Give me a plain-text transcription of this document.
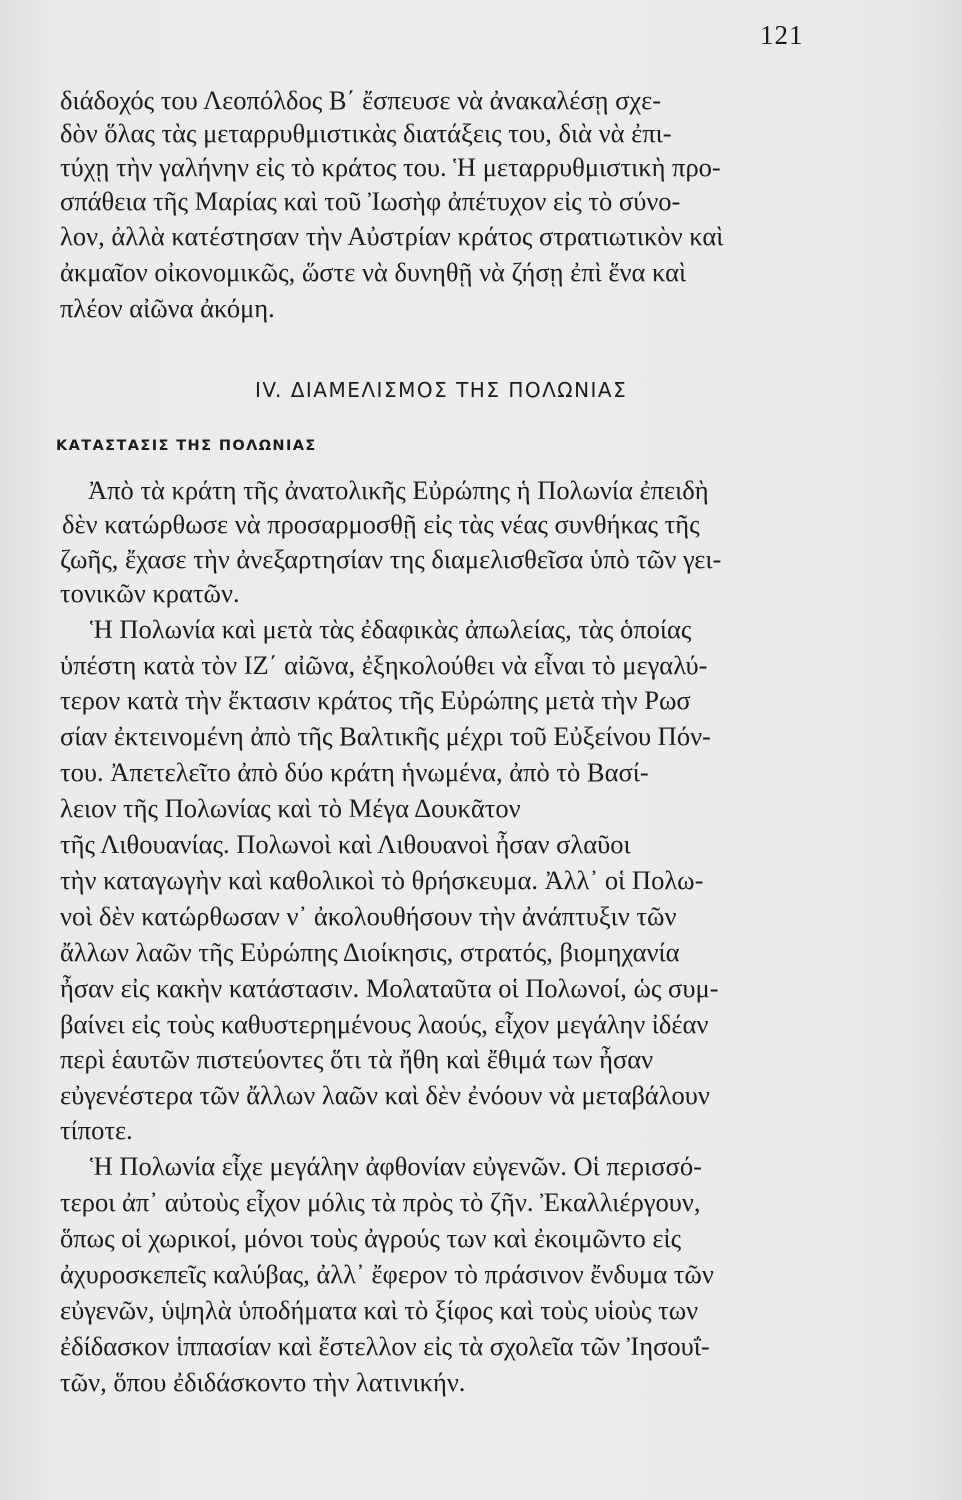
121
διάδοχός του Λεοπόλδος Β΄ ἔσπευσε νὰ ἀνακαλέσῃ σχε-
δὸν ὅλας τὰς μεταρρυθμιστικὰς διατάξεις του, διὰ νὰ ἐπι-
τύχῃ τὴν γαλήνην εἰς τὸ κράτος του. Ἡ μεταρρυθμιστικὴ προ-
σπάθεια τῆς Μαρίας καὶ τοῦ Ἰωσὴφ ἀπέτυχον εἰς τὸ σύνο-
λον, ἀλλὰ κατέστησαν τὴν Αὐστρίαν κράτος στρατιωτικὸν καὶ
ἀκμαῖον οἰκονομικῶς, ὥστε νὰ δυνηθῇ νὰ ζήσῃ ἐπὶ ἕνα καὶ
πλέον αἰῶνα ἀκόμη.
IV. ΔΙΑΜΕΛΙΣΜΟΣ ΤΗΣ ΠΟΛΩΝΙΑΣ
ΚΑΤΑΣΤΑΣΙΣ ΤΗΣ ΠΟΛΩΝΙΑΣ
Ἀπὸ τὰ κράτη τῆς ἀνατολικῆς Εὐρώπης ἡ Πολωνία ἐπειδὴ
δὲν κατώρθωσε νὰ προσαρμοσθῇ εἰς τὰς νέας συνθήκας τῆς
ζωῆς, ἔχασε τὴν ἀνεξαρτησίαν της διαμελισθεῖσα ὑπὸ τῶν γει-
τονικῶν κρατῶν.
Ἡ Πολωνία καὶ μετὰ τὰς ἐδαφικὰς ἀπωλείας, τὰς ὁποίας
ὑπέστη κατὰ τὸν ΙΖ΄ αἰῶνα, ἐξηκολούθει νὰ εἶναι τὸ μεγαλύ-
τερον κατὰ τὴν ἔκτασιν κράτος τῆς Εὐρώπης μετὰ τὴν Ρωσ
σίαν ἐκτεινομένη ἀπὸ τῆς Βαλτικῆς μέχρι τοῦ Εὐξείνου Πόν-
του. Ἀπετελεῖτο ἀπὸ δύο κράτη ἡνωμένα, ἀπὸ τὸ Βασί-
λειον τῆς Πολωνίας καὶ τὸ Μέγα Δουκᾶτον
τῆς Λιθουανίας. Πολωνοὶ καὶ Λιθουανοὶ ἦσαν σλαῦοι
τὴν καταγωγὴν καὶ καθολικοὶ τὸ θρήσκευμα. Ἀλλ᾽ οἱ Πολω-
νοὶ δὲν κατώρθωσαν ν᾽ ἀκολουθήσουν τὴν ἀνάπτυξιν τῶν
ἄλλων λαῶν τῆς Εὐρώπης Διοίκησις, στρατός, βιομηχανία
ἦσαν εἰς κακὴν κατάστασιν. Μολαταῦτα οἱ Πολωνοί, ὡς συμ-
βαίνει εἰς τοὺς καθυστερημένους λαούς, εἶχον μεγάλην ἰδέαν
περὶ ἑαυτῶν πιστεύοντες ὅτι τὰ ἤθη καὶ ἔθιμά των ἦσαν
εὐγενέστερα τῶν ἄλλων λαῶν καὶ δὲν ἐνόουν νὰ μεταβάλουν
τίποτε.
Ἡ Πολωνία εἶχε μεγάλην ἀφθονίαν εὐγενῶν. Οἱ περισσό-
τεροι ἀπ᾽ αὐτοὺς εἶχον μόλις τὰ πρὸς τὸ ζῆν. Ἐκαλλιέργουν,
ὅπως οἱ χωρικοί, μόνοι τοὺς ἀγρούς των καὶ ἐκοιμῶντο εἰς
ἀχυροσκεπεῖς καλύβας, ἀλλ᾽ ἔφερον τὸ πράσινον ἔνδυμα τῶν
εὐγενῶν, ὑψηλὰ ὑποδήματα καὶ τὸ ξίφος καὶ τοὺς υἱοὺς των
ἐδίδασκον ἱππασίαν καὶ ἔστελλον εἰς τὰ σχολεῖα τῶν Ἰησουΐ-
τῶν, ὅπου ἐδιδάσκοντο τὴν λατινικήν.
